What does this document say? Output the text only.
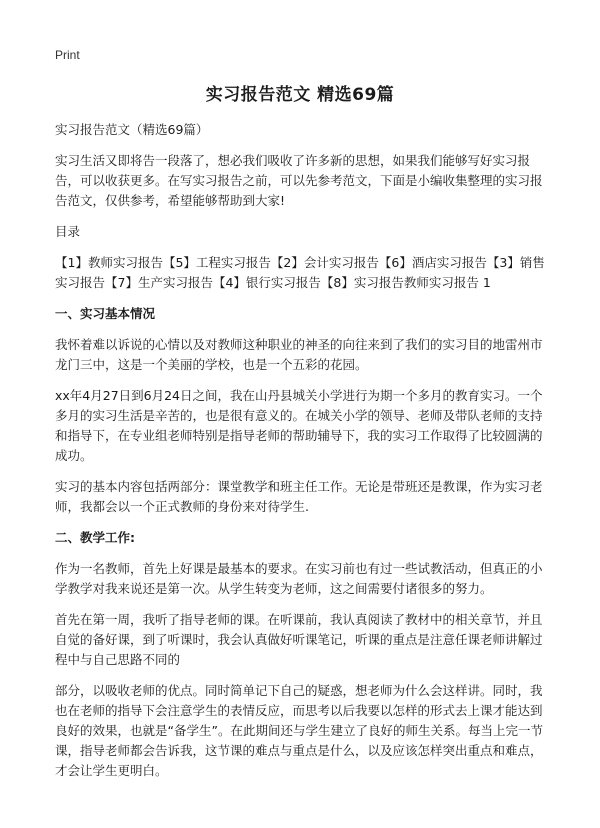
Print
实习报告范文 精选69篇

实习报告范文（精选69篇）

实习生活又即将告一段落了，想必我们吸收了许多新的思想，如果我们能够写好实习报告，可以收获更多。在写实习报告之前，可以先参考范文，下面是小编收集整理的实习报告范文，仅供参考，希望能够帮助到大家!

目录

【1】教师实习报告【5】工程实习报告【2】会计实习报告【6】酒店实习报告【3】销售实习报告【7】生产实习报告【4】银行实习报告【8】实习报告教师实习报告 1

一、实习基本情况

我怀着难以诉说的心情以及对教师这种职业的神圣的向往来到了我们的实习目的地雷州市龙门三中，这是一个美丽的学校，也是一个五彩的花园。

xx年4月27日到6月24日之间，我在山丹县城关小学进行为期一个多月的教育实习。一个多月的实习生活是辛苦的，也是很有意义的。在城关小学的领导、老师及带队老师的支持和指导下，在专业组老师特别是指导老师的帮助辅导下，我的实习工作取得了比较圆满的成功。

实习的基本内容包括两部分：课堂教学和班主任工作。无论是带班还是教课，作为实习老师，我都会以一个正式教师的身份来对待学生.

二、教学工作:

作为一名教师，首先上好课是最基本的要求。在实习前也有过一些试教活动，但真正的小学教学对我来说还是第一次。从学生转变为老师，这之间需要付诸很多的努力。

首先在第一周，我听了指导老师的课。在听课前，我认真阅读了教材中的相关章节，并且自觉的备好课，到了听课时，我会认真做好听课笔记，听课的重点是注意任课老师讲解过程中与自己思路不同的

部分，以吸收老师的优点。同时简单记下自己的疑惑，想老师为什么会这样讲。同时，我也在老师的指导下会注意学生的表情反应，而思考以后我要以怎样的形式去上课才能达到良好的效果，也就是“备学生”。在此期间还与学生建立了良好的师生关系。每当上完一节课，指导老师都会告诉我，这节课的难点与重点是什么，以及应该怎样突出重点和难点，才会让学生更明白。
